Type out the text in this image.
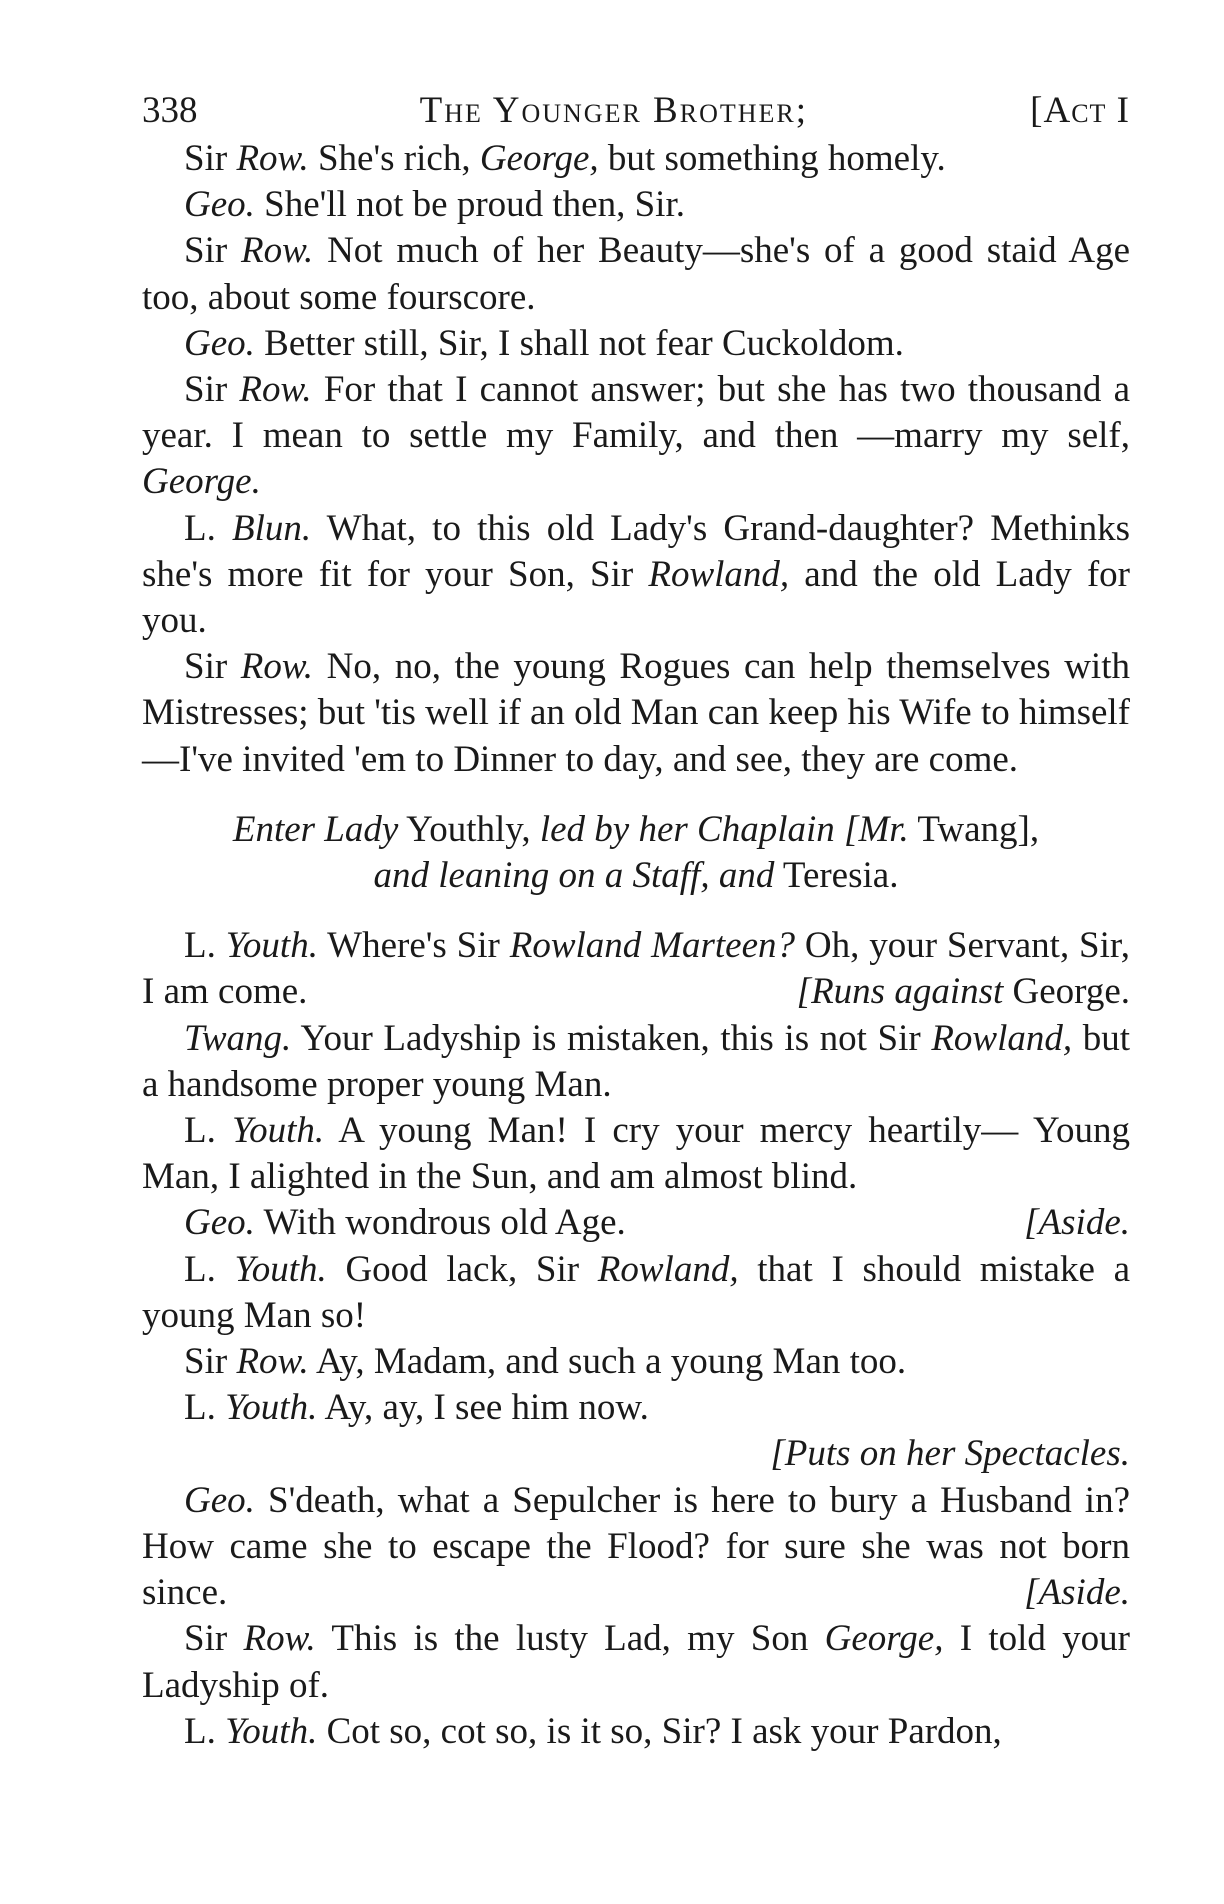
338	The Younger Brother;	[Act I
Sir Row. She's rich, George, but something homely.
Geo. She'll not be proud then, Sir.
Sir Row. Not much of her Beauty—she's of a good staid Age too, about some fourscore.
Geo. Better still, Sir, I shall not fear Cuckoldom.
Sir Row. For that I cannot answer; but she has two thousand a year. I mean to settle my Family, and then —marry my self, George.
L. Blun. What, to this old Lady's Grand-daughter? Methinks she's more fit for your Son, Sir Rowland, and the old Lady for you.
Sir Row. No, no, the young Rogues can help themselves with Mistresses; but 'tis well if an old Man can keep his Wife to himself—I've invited 'em to Dinner to day, and see, they are come.
Enter Lady Youthly, led by her Chaplain [Mr. Twang],
and leaning on a Staff, and Teresia.
L. Youth. Where's Sir Rowland Marteen? Oh, your Servant, Sir, I am come.	[Runs against George.
Twang. Your Ladyship is mistaken, this is not Sir Rowland, but a handsome proper young Man.
L. Youth. A young Man! I cry your mercy heartily— Young Man, I alighted in the Sun, and am almost blind.
Geo. With wondrous old Age.	[Aside.
L. Youth. Good lack, Sir Rowland, that I should mistake a young Man so!
Sir Row. Ay, Madam, and such a young Man too.
L. Youth. Ay, ay, I see him now.
[Puts on her Spectacles.
Geo. S'death, what a Sepulcher is here to bury a Husband in? How came she to escape the Flood? for sure she was not born since.	[Aside.
Sir Row. This is the lusty Lad, my Son George, I told your Ladyship of.
L. Youth. Cot so, cot so, is it so, Sir? I ask your Pardon,
